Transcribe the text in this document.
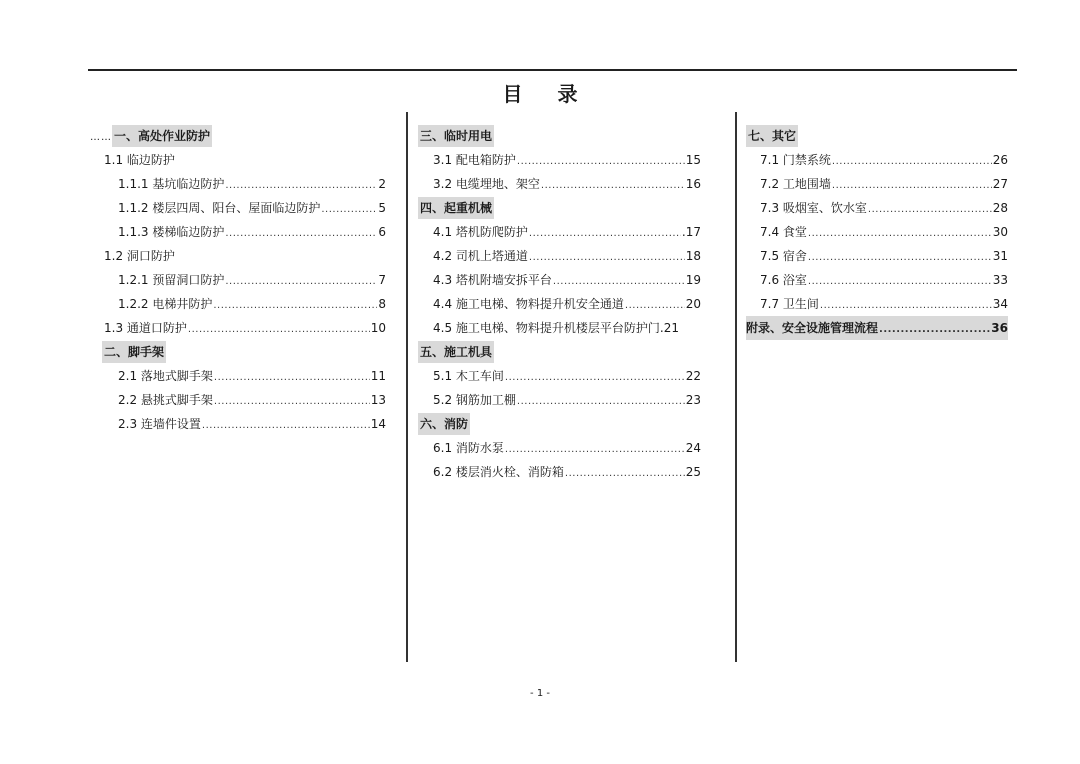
目 录
…… 一、高处作业防护
1.1 临边防护
1.1.1 基坑临边防护 .....	2
1.1.2 楼层四周、阳台、屋面临边防护 .....	5
1.1.3 楼梯临边防护 .....	6
1.2 洞口防护
1.2.1 预留洞口防护 .....	7
1.2.2 电梯井防护 .....	8
1.3 通道口防护 .....	10
二、脚手架
2.1 落地式脚手架 .....	11
2.2 悬挑式脚手架 .....	13
2.3 连墙件设置 .....	14
三、临时用电
3.1 配电箱防护 .....	15
3.2 电缆埋地、架空 .....	16
四、起重机械
4.1 塔机防爬防护 .....	.17
4.2 司机上塔通道 .....	18
4.3 塔机附墙安拆平台 .....	19
4.4 施工电梯、物料提升机安全通道 .....	20
4.5 施工电梯、物料提升机楼层平台防护门 .21
五、施工机具
5.1 木工车间 .....	22
5.2 钢筋加工棚 .....	23
六、消防
6.1 消防水泵 .....	24
6.2 楼层消火栓、消防箱 .....	25
七、其它
7.1 门禁系统 .....	26
7.2 工地围墙 .....	27
7.3 吸烟室、饮水室 .....	28
7.4 食堂 .....	30
7.5 宿舍 .....	31
7.6 浴室 .....	33
7.7 卫生间 .....	34
附录、安全设施管理流程 .....	36
- 1 -
